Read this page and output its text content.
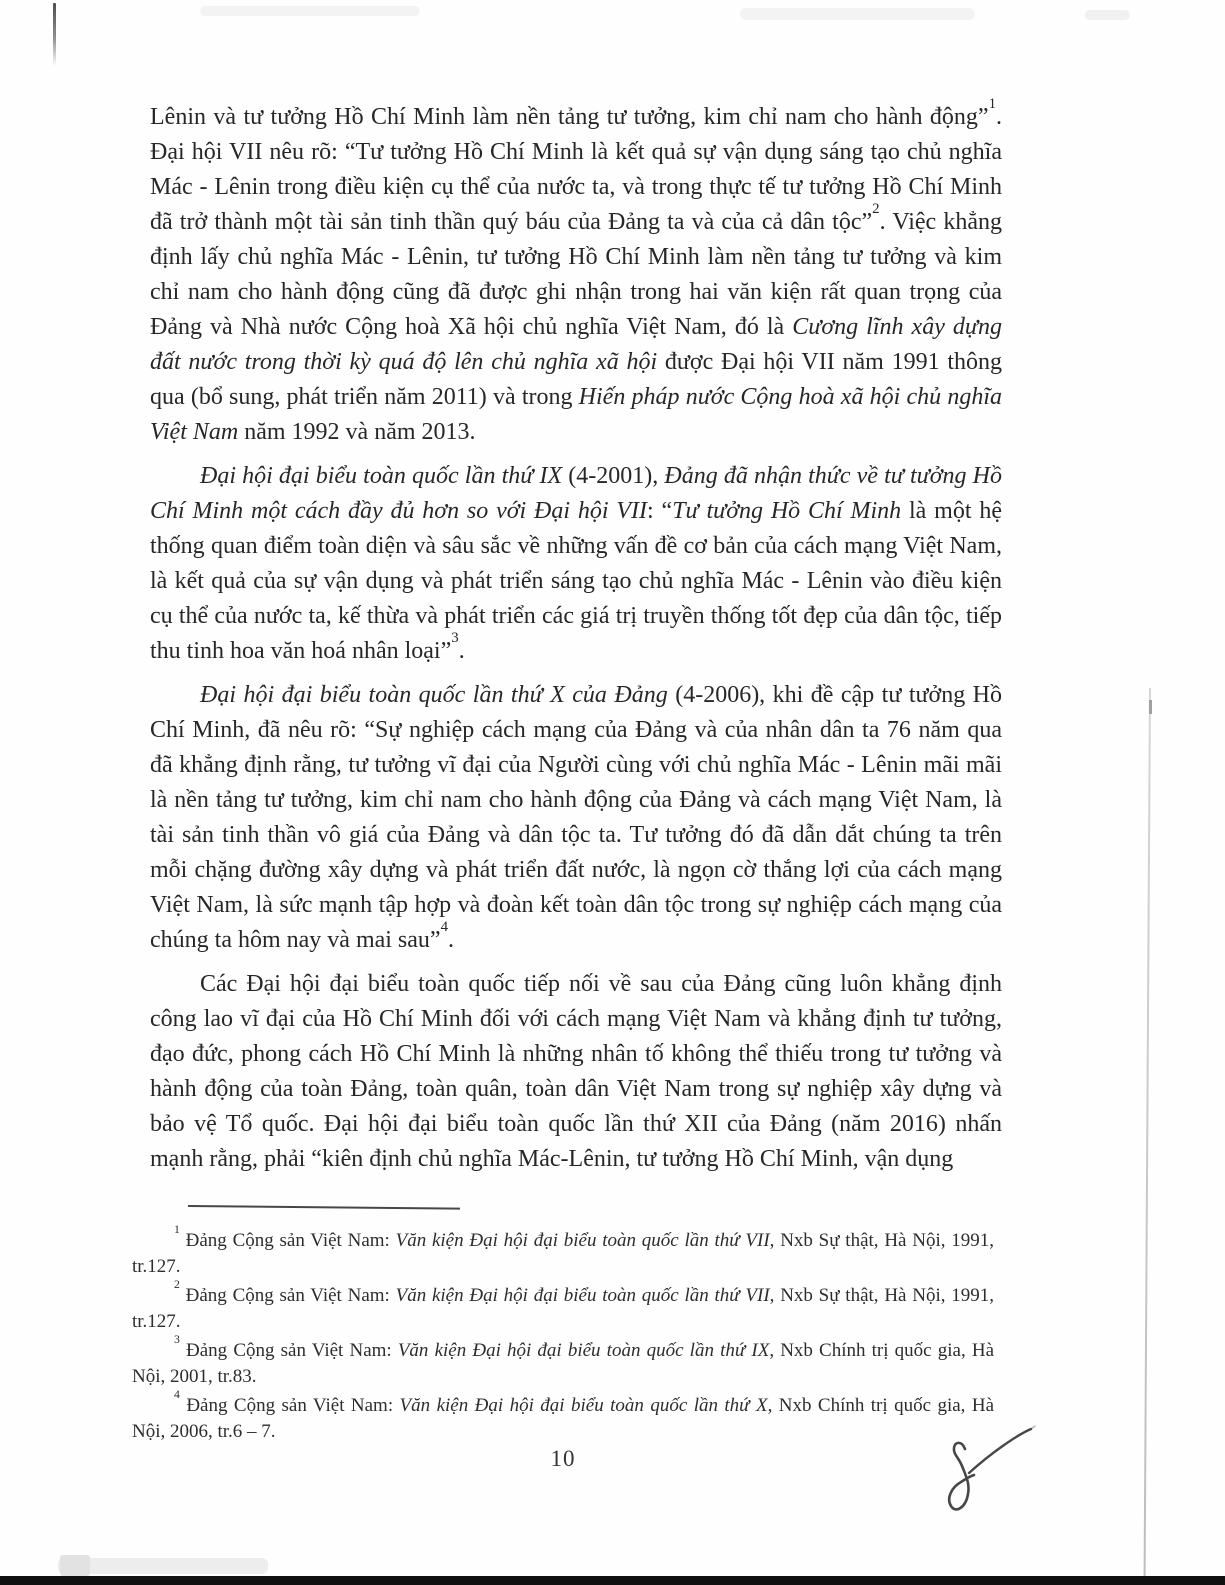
Lênin và tư tưởng Hồ Chí Minh làm nền tảng tư tưởng, kim chỉ nam cho hành động”$^1$. Đại hội VII nêu rõ: “Tư tưởng Hồ Chí Minh là kết quả sự vận dụng sáng tạo chủ nghĩa Mác - Lênin trong điều kiện cụ thể của nước ta, và trong thực tế tư tưởng Hồ Chí Minh đã trở thành một tài sản tinh thần quý báu của Đảng ta và của cả dân tộc”$^2$. Việc khẳng định lấy chủ nghĩa Mác - Lênin, tư tưởng Hồ Chí Minh làm nền tảng tư tưởng và kim chỉ nam cho hành động cũng đã được ghi nhận trong hai văn kiện rất quan trọng của Đảng và Nhà nước Cộng hoà Xã hội chủ nghĩa Việt Nam, đó là Cương lĩnh xây dựng đất nước trong thời kỳ quá độ lên chủ nghĩa xã hội được Đại hội VII năm 1991 thông qua (bổ sung, phát triển năm 2011) và trong Hiến pháp nước Cộng hoà xã hội chủ nghĩa Việt Nam năm 1992 và năm 2013.

Đại hội đại biểu toàn quốc lần thứ IX (4-2001), Đảng đã nhận thức về tư tưởng Hồ Chí Minh một cách đầy đủ hơn so với Đại hội VII: “Tư tưởng Hồ Chí Minh là một hệ thống quan điểm toàn diện và sâu sắc về những vấn đề cơ bản của cách mạng Việt Nam, là kết quả của sự vận dụng và phát triển sáng tạo chủ nghĩa Mác - Lênin vào điều kiện cụ thể của nước ta, kế thừa và phát triển các giá trị truyền thống tốt đẹp của dân tộc, tiếp thu tinh hoa văn hoá nhân loại”$^3$.

Đại hội đại biểu toàn quốc lần thứ X của Đảng (4-2006), khi đề cập tư tưởng Hồ Chí Minh, đã nêu rõ: “Sự nghiệp cách mạng của Đảng và của nhân dân ta 76 năm qua đã khẳng định rằng, tư tưởng vĩ đại của Người cùng với chủ nghĩa Mác - Lênin mãi mãi là nền tảng tư tưởng, kim chỉ nam cho hành động của Đảng và cách mạng Việt Nam, là tài sản tinh thần vô giá của Đảng và dân tộc ta. Tư tưởng đó đã dẫn dắt chúng ta trên mỗi chặng đường xây dựng và phát triển đất nước, là ngọn cờ thắng lợi của cách mạng Việt Nam, là sức mạnh tập hợp và đoàn kết toàn dân tộc trong sự nghiệp cách mạng của chúng ta hôm nay và mai sau”$^4$.

Các Đại hội đại biểu toàn quốc tiếp nối về sau của Đảng cũng luôn khẳng định công lao vĩ đại của Hồ Chí Minh đối với cách mạng Việt Nam và khẳng định tư tưởng, đạo đức, phong cách Hồ Chí Minh là những nhân tố không thể thiếu trong tư tưởng và hành động của toàn Đảng, toàn quân, toàn dân Việt Nam trong sự nghiệp xây dựng và bảo vệ Tổ quốc. Đại hội đại biểu toàn quốc lần thứ XII của Đảng (năm 2016) nhấn mạnh rằng, phải “kiên định chủ nghĩa Mác-Lênin, tư tưởng Hồ Chí Minh, vận dụng

$^1$ Đảng Cộng sản Việt Nam: Văn kiện Đại hội đại biểu toàn quốc lần thứ VII, Nxb Sự thật, Hà Nội, 1991, tr.127.

$^2$ Đảng Cộng sản Việt Nam: Văn kiện Đại hội đại biểu toàn quốc lần thứ VII, Nxb Sự thật, Hà Nội, 1991, tr.127.

$^3$ Đảng Cộng sản Việt Nam: Văn kiện Đại hội đại biểu toàn quốc lần thứ IX, Nxb Chính trị quốc gia, Hà Nội, 2001, tr.83.

$^4$ Đảng Cộng sản Việt Nam: Văn kiện Đại hội đại biểu toàn quốc lần thứ X, Nxb Chính trị quốc gia, Hà Nội, 2006, tr.6 – 7.

10
